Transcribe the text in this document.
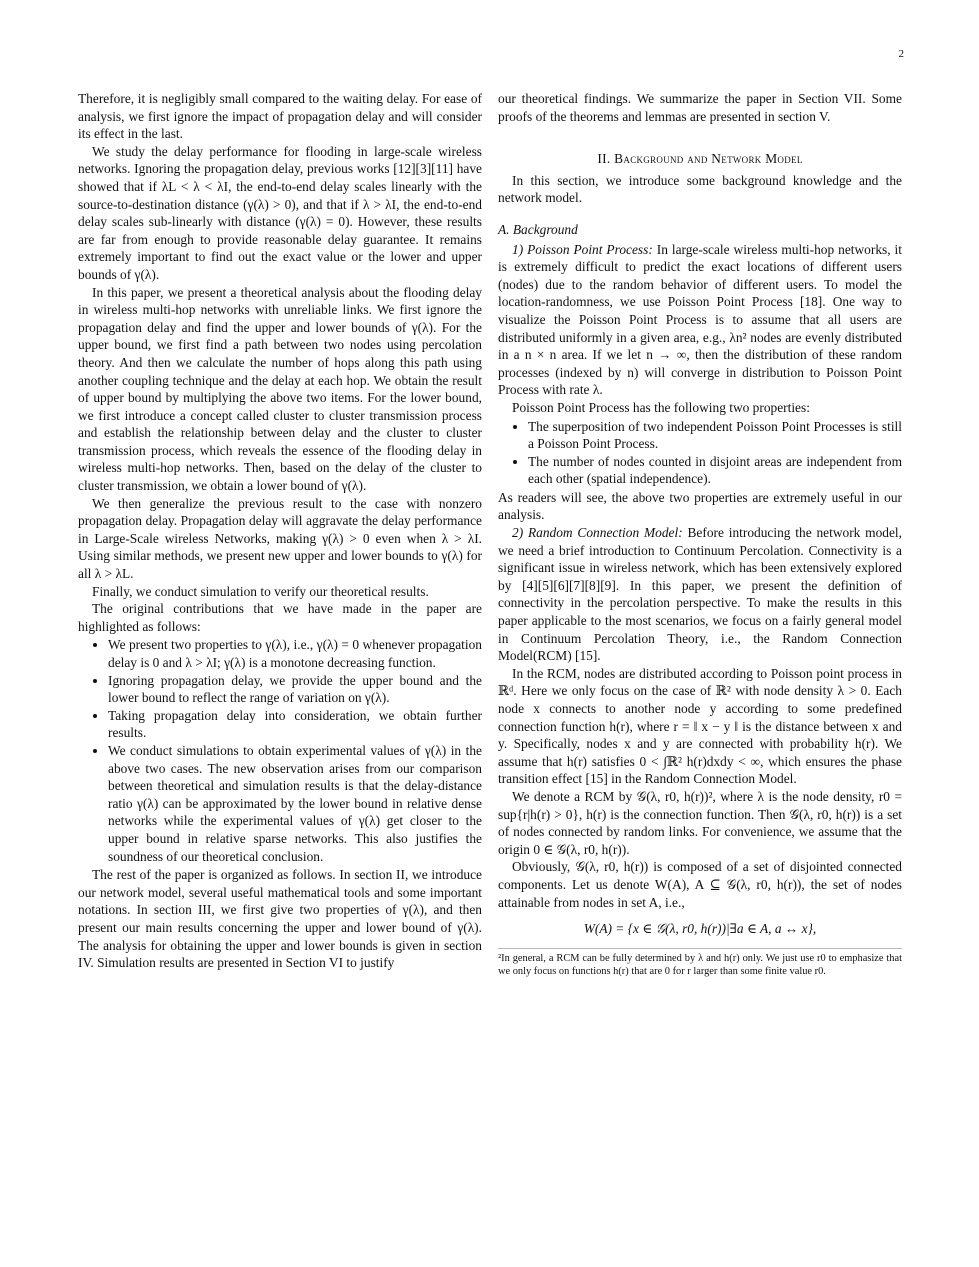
2

Therefore, it is negligibly small compared to the waiting delay. For ease of analysis, we first ignore the impact of propagation delay and will consider its effect in the last.

We study the delay performance for flooding in large-scale wireless networks. Ignoring the propagation delay, previous works [12][3][11] have showed that if λL < λ < λI, the end-to-end delay scales linearly with the source-to-destination distance (γ(λ) > 0), and that if λ > λI, the end-to-end delay scales sub-linearly with distance (γ(λ) = 0). However, these results are far from enough to provide reasonable delay guarantee. It remains extremely important to find out the exact value or the lower and upper bounds of γ(λ).

In this paper, we present a theoretical analysis about the flooding delay in wireless multi-hop networks with unreliable links. We first ignore the propagation delay and find the upper and lower bounds of γ(λ). For the upper bound, we first find a path between two nodes using percolation theory. And then we calculate the number of hops along this path using another coupling technique and the delay at each hop. We obtain the result of upper bound by multiplying the above two items. For the lower bound, we first introduce a concept called cluster to cluster transmission process and establish the relationship between delay and the cluster to cluster transmission process, which reveals the essence of the flooding delay in wireless multi-hop networks. Then, based on the delay of the cluster to cluster transmission, we obtain a lower bound of γ(λ).

We then generalize the previous result to the case with nonzero propagation delay. Propagation delay will aggravate the delay performance in Large-Scale wireless Networks, making γ(λ) > 0 even when λ > λI. Using similar methods, we present new upper and lower bounds to γ(λ) for all λ > λL.

Finally, we conduct simulation to verify our theoretical results.

The original contributions that we have made in the paper are highlighted as follows:

• We present two properties to γ(λ), i.e., γ(λ) = 0 whenever propagation delay is 0 and λ > λI; γ(λ) is a monotone decreasing function.
• Ignoring propagation delay, we provide the upper bound and the lower bound to reflect the range of variation on γ(λ).
• Taking propagation delay into consideration, we obtain further results.
• We conduct simulations to obtain experimental values of γ(λ) in the above two cases. The new observation arises from our comparison between theoretical and simulation results is that the delay-distance ratio γ(λ) can be approximated by the lower bound in relative dense networks while the experimental values of γ(λ) get closer to the upper bound in relative sparse networks. This also justifies the soundness of our theoretical conclusion.

The rest of the paper is organized as follows. In section II, we introduce our network model, several useful mathematical tools and some important notations. In section III, we first give two properties of γ(λ), and then present our main results concerning the upper and lower bound of γ(λ). The analysis for obtaining the upper and lower bounds is given in section IV. Simulation results are presented in Section VI to justify

our theoretical findings. We summarize the paper in Section VII. Some proofs of the theorems and lemmas are presented in section V.

II. Background and Network Model

In this section, we introduce some background knowledge and the network model.

A. Background

1) Poisson Point Process: In large-scale wireless multi-hop networks, it is extremely difficult to predict the exact locations of different users (nodes) due to the random behavior of different users. To model the location-randomness, we use Poisson Point Process [18]. One way to visualize the Poisson Point Process is to assume that all users are distributed uniformly in a given area, e.g., λn² nodes are evenly distributed in a n × n area. If we let n → ∞, then the distribution of these random processes (indexed by n) will converge in distribution to Poisson Point Process with rate λ.

Poisson Point Process has the following two properties:

• The superposition of two independent Poisson Point Processes is still a Poisson Point Process.
• The number of nodes counted in disjoint areas are independent from each other (spatial independence).

As readers will see, the above two properties are extremely useful in our analysis.

2) Random Connection Model: Before introducing the network model, we need a brief introduction to Continuum Percolation. Connectivity is a significant issue in wireless network, which has been extensively explored by [4][5][6][7][8][9]. In this paper, we present the definition of connectivity in the percolation perspective. To make the results in this paper applicable to the most scenarios, we focus on a fairly general model in Continuum Percolation Theory, i.e., the Random Connection Model(RCM) [15].

In the RCM, nodes are distributed according to Poisson point process in ℝᵈ. Here we only focus on the case of ℝ² with node density λ > 0. Each node x connects to another node y according to some predefined connection function h(r), where r = ‖ x − y ‖ is the distance between x and y. Specifically, nodes x and y are connected with probability h(r). We assume that h(r) satisfies 0 < ∫ℝ² h(r)dxdy < ∞, which ensures the phase transition effect [15] in the Random Connection Model.

We denote a RCM by 𝒢(λ, r0, h(r))², where λ is the node density, r0 = sup{r|h(r) > 0}, h(r) is the connection function. Then 𝒢(λ, r0, h(r)) is a set of nodes connected by random links. For convenience, we assume that the origin 0 ∈ 𝒢(λ, r0, h(r)).

Obviously, 𝒢(λ, r0, h(r)) is composed of a set of disjointed connected components. Let us denote W(A), A ⊆ 𝒢(λ, r0, h(r)), the set of nodes attainable from nodes in set A, i.e.,

W(A) = {x ∈ 𝒢(λ, r0, h(r))|∃a ∈ A, a ↔ x},
²In general, a RCM can be fully determined by λ and h(r) only. We just use r0 to emphasize that we only focus on functions h(r) that are 0 for r larger than some finite value r0.
